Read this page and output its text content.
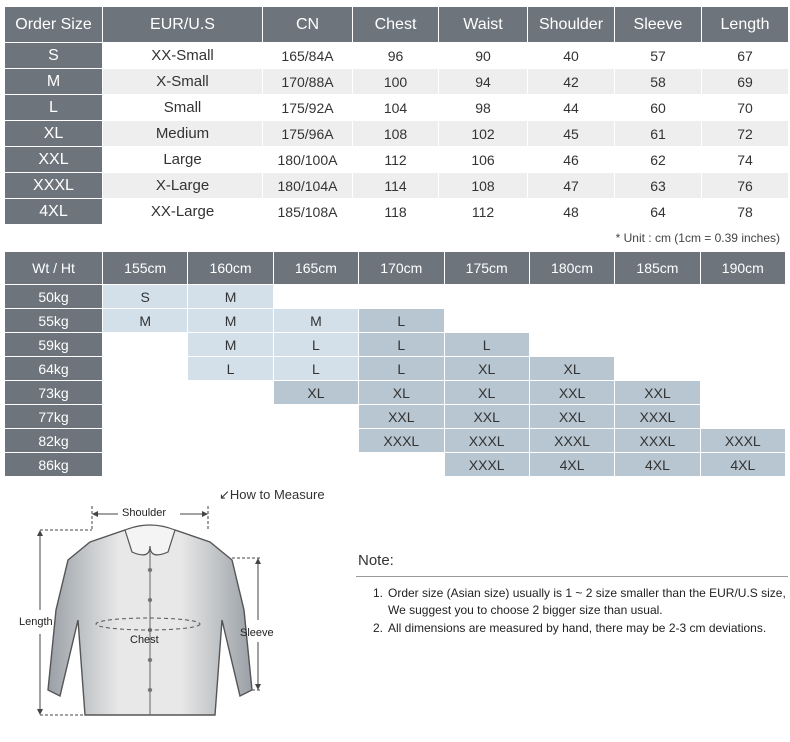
Order Size	EUR/U.S	CN	Chest	Waist	Shoulder	Sleeve	Length
S	XX-Small	165/84A	96	90	40	57	67
M	X-Small	170/88A	100	94	42	58	69
L	Small	175/92A	104	98	44	60	70
XL	Medium	175/96A	108	102	45	61	72
XXL	Large	180/100A	112	106	46	62	74
XXXL	X-Large	180/104A	114	108	47	63	76
4XL	XX-Large	185/108A	118	112	48	64	78
* Unit : cm (1cm = 0.39 inches)
Wt / Ht	155cm	160cm	165cm	170cm	175cm	180cm	185cm	190cm
50kg	S	M						
55kg	M	M	M	L				
59kg		M	L	L	L			
64kg		L	L	L	XL	XL		
73kg			XL	XL	XL	XXL	XXL	
77kg				XXL	XXL	XXL	XXXL	
82kg				XXXL	XXXL	XXXL	XXXL	XXXL
86kg					XXXL	4XL	4XL	4XL
↙How to Measure
Shoulder
Length
Chest
Sleeve
Note:
1. Order size (Asian size) usually is 1 ~ 2 size smaller than the EUR/U.S size, We suggest you to choose 2 bigger size than usual.
2. All dimensions are measured by hand, there may be 2-3 cm deviations.
